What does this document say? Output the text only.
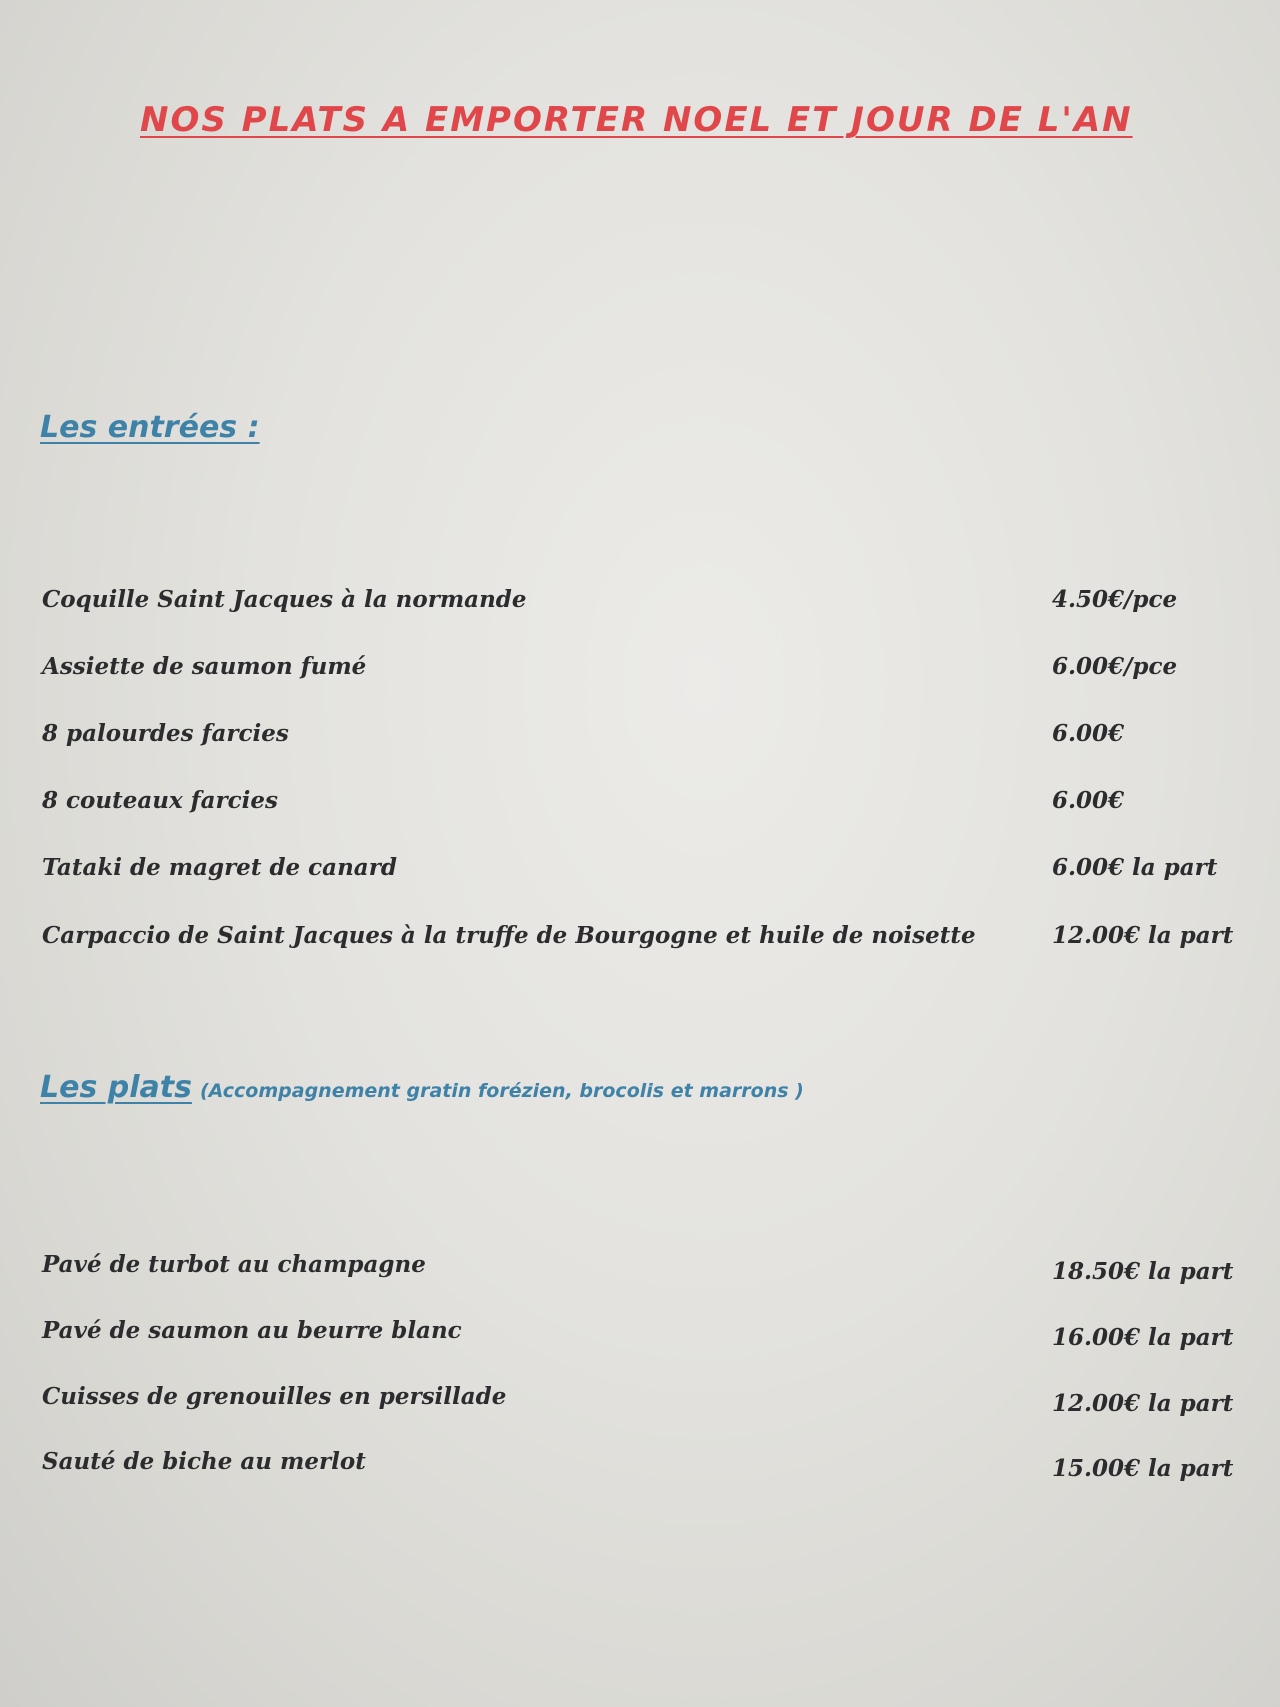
NOS PLATS A EMPORTER NOEL ET JOUR DE L'AN
Les entrées :
Coquille Saint Jacques à la normande	4.50€/pce
Assiette de saumon fumé	6.00€/pce
8 palourdes farcies	6.00€
8 couteaux farcies	6.00€
Tataki de magret de canard	6.00€ la part
Carpaccio de Saint Jacques à la truffe de Bourgogne et huile de noisette	12.00€ la part
Les plats (Accompagnement gratin forézien, brocolis et marrons )
Pavé de turbot au champagne	18.50€ la part
Pavé de saumon au beurre blanc	16.00€ la part
Cuisses de grenouilles en persillade	12.00€ la part
Sauté de biche au merlot	15.00€ la part
